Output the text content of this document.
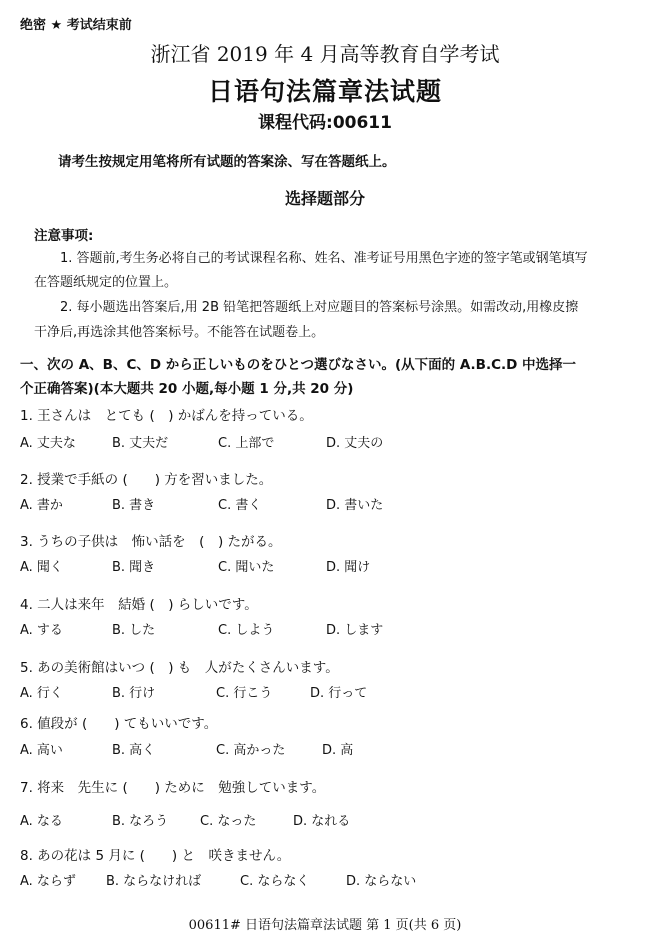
绝密 ★ 考试结束前
浙江省 2019 年 4 月高等教育自学考试
日语句法篇章法试题
课程代码:00611
请考生按规定用笔将所有试题的答案涂、写在答题纸上。
选择题部分
注意事项:
1. 答题前,考生务必将自己的考试课程名称、姓名、准考证号用黑色字迹的签字笔或钢笔填写
在答题纸规定的位置上。
2. 每小题选出答案后,用 2B 铅笔把答题纸上对应题目的答案标号涂黑。如需改动,用橡皮擦
干净后,再选涂其他答案标号。不能答在试题卷上。
一、次の A、B、C、D から正しいものをひとつ選びなさい。(从下面的 A.B.C.D 中选择一
个正确答案)(本大题共 20 小题,每小题 1 分,共 20 分)
1. 王さんは　とても (　) かばんを持っている。
A. 丈夫な	B. 丈夫だ	C. 上部で	D. 丈夫の
2. 授業で手紙の (　　) 方を習いました。
A. 書か	B. 書き	C. 書く	D. 書いた
3. うちの子供は　怖い話を　(　) たがる。
A. 聞く	B. 聞き	C. 聞いた	D. 聞け
4. 二人は来年　結婚 (　) らしいです。
A. する	B. した	C. しよう	D. します
5. あの美術館はいつ (　) も　人がたくさんいます。
A. 行く	B. 行け	C. 行こう	D. 行って
6. 値段が (　　) てもいいです。
A. 高い	B. 高く	C. 高かった	D. 高
7. 将来　先生に (　　) ために　勉強しています。
A. なる	B. なろう C. なった	D. なれる
8. あの花は 5 月に (　　) と　咲きません。
A. ならず B. ならなければ	C. ならなく	D. ならない
00611# 日语句法篇章法试题 第 1 页(共 6 页)
